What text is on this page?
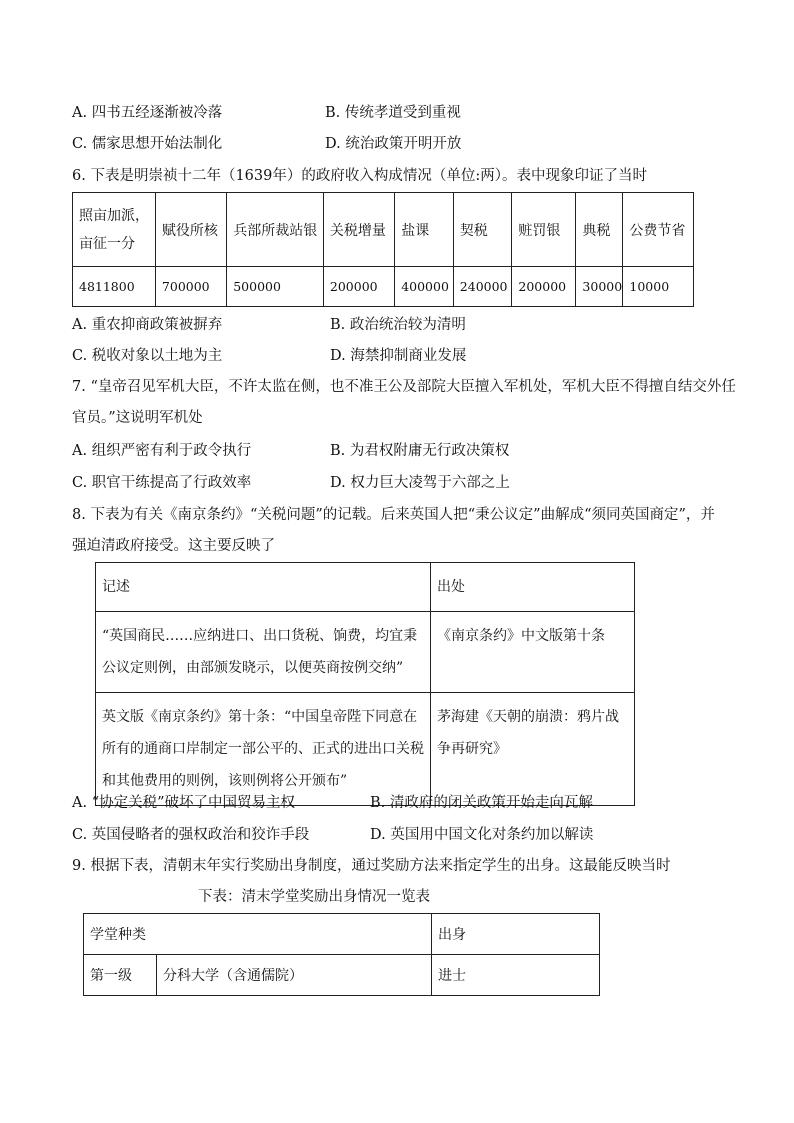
A. 四书五经逐渐被冷落	B. 传统孝道受到重视
C. 儒家思想开始法制化	D. 统治政策开明开放
6. 下表是明崇祯十二年（1639年）的政府收入构成情况（单位:两）。表中现象印证了当时
照亩加派，
亩征一分	赋役所核	兵部所裁站银	关税增量	盐课	契税	赃罚银	典税	公费节省
4811800	700000	500000	200000	400000	240000	200000	30000	10000
A. 重农抑商政策被摒弃	B. 政治统治较为清明
C. 税收对象以土地为主	D. 海禁抑制商业发展
7. “皇帝召见军机大臣，不许太监在侧，也不准王公及部院大臣擅入军机处，军机大臣不得擅自结交外任
官员。”这说明军机处
A. 组织严密有利于政令执行	B. 为君权附庸无行政决策权
C. 职官干练提高了行政效率	D. 权力巨大凌驾于六部之上
8. 下表为有关《南京条约》“关税问题”的记载。后来英国人把“秉公议定”曲解成“须同英国商定”，并
强迫清政府接受。这主要反映了
记述	出处
“英国商民……应纳进口、出口货税、饷费，均宜秉
公议定则例，由部颁发晓示，以便英商按例交纳”	《南京条约》中文版第十条
英文版《南京条约》第十条：“中国皇帝陛下同意在
所有的通商口岸制定一部公平的、正式的进出口关税
和其他费用的则例，该则例将公开颁布”	茅海建《天朝的崩溃：鸦片战
争再研究》
A. “协定关税”破坏了中国贸易主权	B. 清政府的闭关政策开始走向瓦解
C. 英国侵略者的强权政治和狡诈手段	D. 英国用中国文化对条约加以解读
9. 根据下表，清朝末年实行奖励出身制度，通过奖励方法来指定学生的出身。这最能反映当时
下表：清末学堂奖励出身情况一览表
学堂种类		出身
第一级	分科大学（含通儒院）	进士
